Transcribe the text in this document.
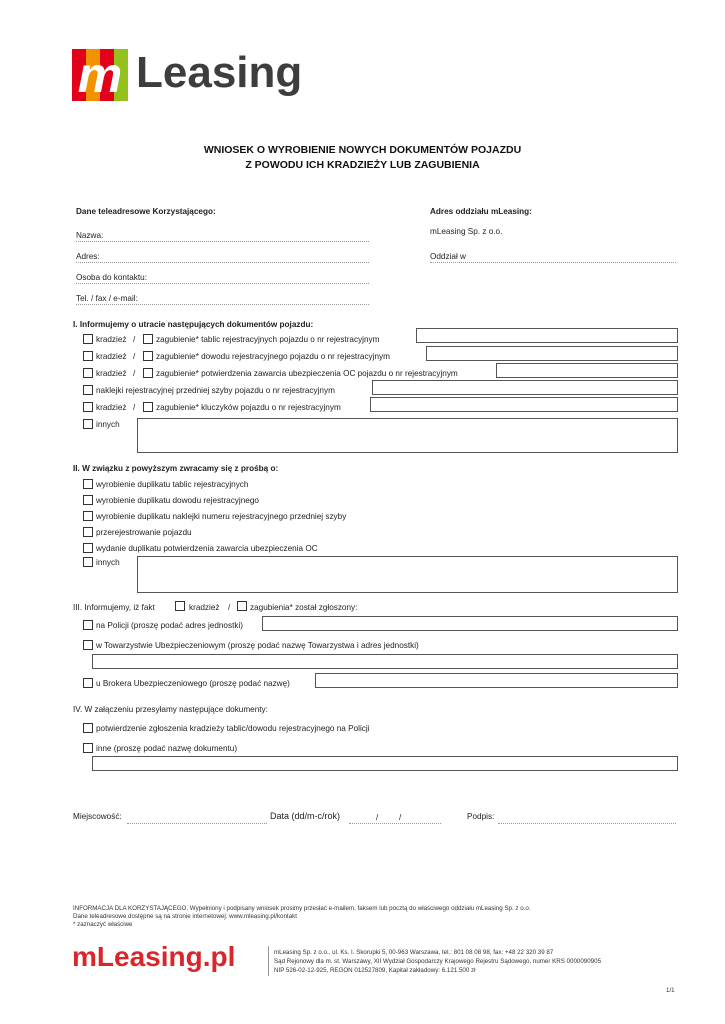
m Leasing
WNIOSEK O WYROBIENIE NOWYCH DOKUMENTÓW POJAZDU
Z POWODU ICH KRADZIEŻY LUB ZAGUBIENIA
Dane teleadresowe Korzystającego:
Nazwa:
Adres:
Osoba do kontaktu:
Tel. / fax / e-mail:
Adres oddziału mLeasing:
mLeasing Sp. z o.o.
Oddział w
I. Informujemy o utracie następujących dokumentów pojazdu:
kradzież /	zagubienie* tablic rejestracyjnych pojazdu o nr rejestracyjnym
kradzież /	zagubienie* dowodu rejestracyjnego pojazdu o nr rejestracyjnym
kradzież /	zagubienie* potwierdzenia zawarcia ubezpieczenia OC pojazdu o nr rejestracyjnym
naklejki rejestracyjnej przedniej szyby pojazdu o nr rejestracyjnym
kradzież /	zagubienie* kluczyków pojazdu o nr rejestracyjnym
innych
II. W związku z powyższym zwracamy się z prośbą o:
wyrobienie duplikatu tablic rejestracyjnych
wyrobienie duplikatu dowodu rejestracyjnego
wyrobienie duplikatu naklejki numeru rejestracyjnego przedniej szyby
przerejestrowanie pojazdu
wydanie duplikatu potwierdzenia zawarcia ubezpieczenia OC
innych
III. Informujemy, iż fakt	kradzież / zagubienia* został zgłoszony:
na Policji (proszę podać adres jednostki)
w Towarzystwie Ubezpieczeniowym (proszę podać nazwę Towarzystwa i adres jednostki)
u Brokera Ubezpieczeniowego (proszę podać nazwę)
IV. W załączeniu przesyłamy następujące dokumenty:
potwierdzenie zgłoszenia kradzieży tablic/dowodu rejestracyjnego na Policji
inne (proszę podać nazwę dokumentu)
Miejscowość:	Data (dd/m-c/rok)	/	/	Podpis:
INFORMACJA DLA KORZYSTAJĄCEGO. Wypełniony i podpisany wniosek prosimy przesłać e-mailem, faksem lub pocztą do właściwego oddziału mLeasing Sp. z o.o.
Dane teleadresowe dostępne są na stronie internetowej: www.mleasing.pl/kontakt
* zaznaczyć właściwe
mLeasing.pl	mLeasing Sp. z o.o., ul. Ks. I. Skorupki 5, 00-963 Warszawa, tel.: 801 08 08 98, fax: +48 22 320 39 87
Sąd Rejonowy dla m. st. Warszawy, XII Wydział Gospodarczy Krajowego Rejestru Sądowego, numer KRS 0000090905
NIP 526-02-12-925, REGON 012527809, Kapitał zakładowy: 6.121.500 zł
1/1
